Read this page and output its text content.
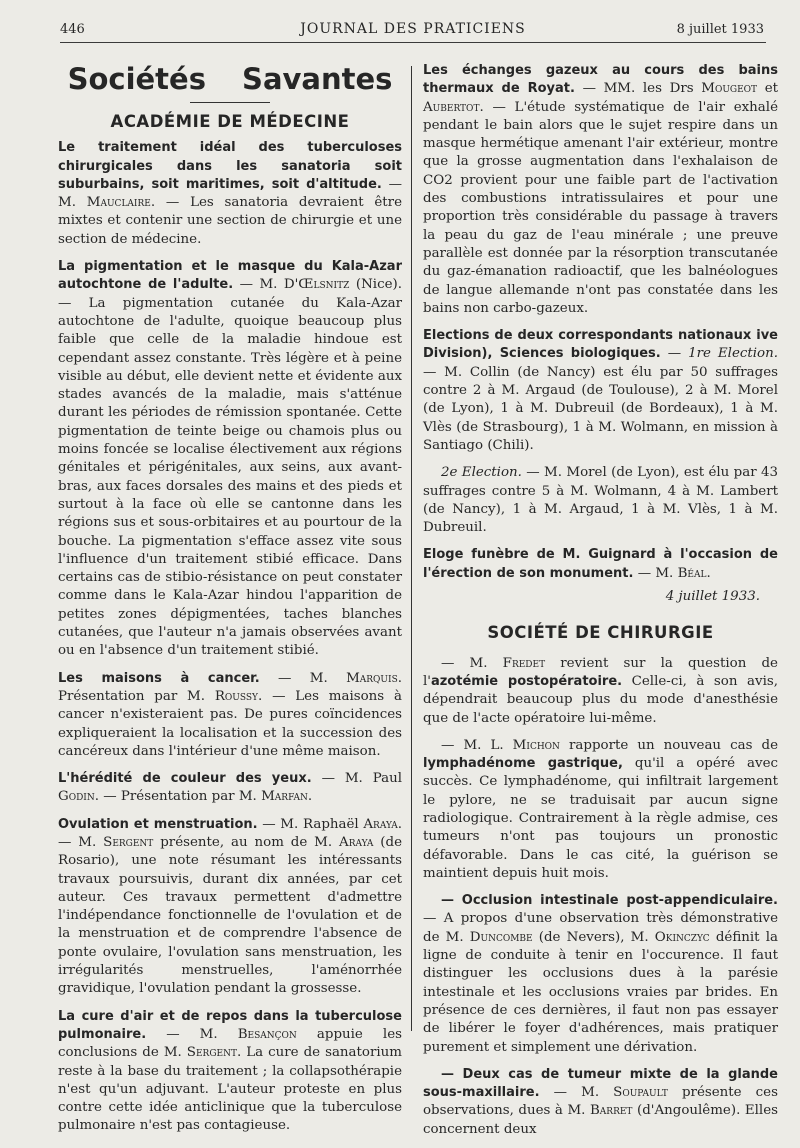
446	JOURNAL DES PRATICIENS	8 juillet 1933
Sociétés Savantes
ACADÉMIE DE MÉDECINE

Le traitement idéal des tuberculoses chirurgicales dans les sanatoria soit suburbains, soit maritimes, soit d'altitude. — M. Mauclaire. — Les sanatoria devraient être mixtes et contenir une section de chirurgie et une section de médecine.

La pigmentation et le masque du Kala-Azar autochtone de l'adulte. — M. D'Œlsnitz (Nice). — La pigmentation cutanée du Kala-Azar autochtone de l'adulte, quoique beaucoup plus faible que celle de la maladie hindoue est cependant assez constante. Très légère et à peine visible au début, elle devient nette et évidente aux stades avancés de la maladie, mais s'atténue durant les périodes de rémission spontanée. Cette pigmentation de teinte beige ou chamois plus ou moins foncée se localise électivement aux régions génitales et périgénitales, aux seins, aux avant-bras, aux faces dorsales des mains et des pieds et surtout à la face où elle se cantonne dans les régions sus et sous-orbitaires et au pourtour de la bouche. La pigmentation s'efface assez vite sous l'influence d'un traitement stibié efficace. Dans certains cas de stibio-résistance on peut constater comme dans le Kala-Azar hindou l'apparition de petites zones dépigmentées, taches blanches cutanées, que l'auteur n'a jamais observées avant ou en l'absence d'un traitement stibié.

Les maisons à cancer. — M. Marquis. Présentation par M. Roussy. — Les maisons à cancer n'existeraient pas. De pures coïncidences expliqueraient la localisation et la succession des cancéreux dans l'intérieur d'une même maison.

L'hérédité de couleur des yeux. — M. Paul Godin. — Présentation par M. Marfan.

Ovulation et menstruation. — M. Raphaël Araya. — M. Sergent présente, au nom de M. Araya (de Rosario), une note résumant les intéressants travaux poursuivis, durant dix années, par cet auteur. Ces travaux permettent d'admettre l'indépendance fonctionnelle de l'ovulation et de la menstruation et de comprendre l'absence de ponte ovulaire, l'ovulation sans menstruation, les irrégularités menstruelles, l'aménorrhée gravidique, l'ovulation pendant la grossesse.

La cure d'air et de repos dans la tuberculose pulmonaire. — M. Besançon appuie les conclusions de M. Sergent. La cure de sanatorium reste à la base du traitement ; la collapsothérapie n'est qu'un adjuvant. L'auteur proteste en plus contre cette idée anticlinique que la tuberculose pulmonaire n'est pas contagieuse.

Les échanges gazeux au cours des bains thermaux de Royat. — MM. les Drs Mougeot et Aubertot. — L'étude systématique de l'air exhalé pendant le bain alors que le sujet respire dans un masque hermétique amenant l'air extérieur, montre que la grosse augmentation dans l'exhalaison de CO2 provient pour une faible part de l'activation des combustions intratissulaires et pour une proportion très considérable du passage à travers la peau du gaz de l'eau minérale ; une preuve parallèle est donnée par la résorption transcutanée du gaz-émanation radioactif, que les balnéologues de langue allemande n'ont pas constatée dans les bains non carbo-gazeux.

Elections de deux correspondants nationaux ive Division), Sciences biologiques. — 1re Election. — M. Collin (de Nancy) est élu par 50 suffrages contre 2 à M. Argaud (de Toulouse), 2 à M. Morel (de Lyon), 1 à M. Dubreuil (de Bordeaux), 1 à M. Vlès (de Strasbourg), 1 à M. Wolmann, en mission à Santiago (Chili).

2e Election. — M. Morel (de Lyon), est élu par 43 suffrages contre 5 à M. Wolmann, 4 à M. Lambert (de Nancy), 1 à M. Argaud, 1 à M. Vlès, 1 à M. Dubreuil.

Eloge funèbre de M. Guignard à l'occasion de l'érection de son monument. — M. Béal.

4 juillet 1933.
SOCIÉTÉ DE CHIRURGIE

— M. Fredet revient sur la question de l'azotémie postopératoire. Celle-ci, à son avis, dépendrait beaucoup plus du mode d'anesthésie que de l'acte opératoire lui-même.

— M. L. Michon rapporte un nouveau cas de lymphadénome gastrique, qu'il a opéré avec succès. Ce lymphadénome, qui infiltrait largement le pylore, ne se traduisait par aucun signe radiologique. Contrairement à la règle admise, ces tumeurs n'ont pas toujours un pronostic défavorable. Dans le cas cité, la guérison se maintient depuis huit mois.

— Occlusion intestinale post-appendiculaire. — A propos d'une observation très démonstrative de M. Duncombe (de Nevers), M. Okinczyc définit la ligne de conduite à tenir en l'occurence. Il faut distinguer les occlusions dues à la parésie intestinale et les occlusions vraies par brides. En présence de ces dernières, il faut non pas essayer de libérer le foyer d'adhérences, mais pratiquer purement et simplement une dérivation.

— Deux cas de tumeur mixte de la glande sous-maxillaire. — M. Soupault présente ces observations, dues à M. Barret (d'Angoulême). Elles concernent deux
